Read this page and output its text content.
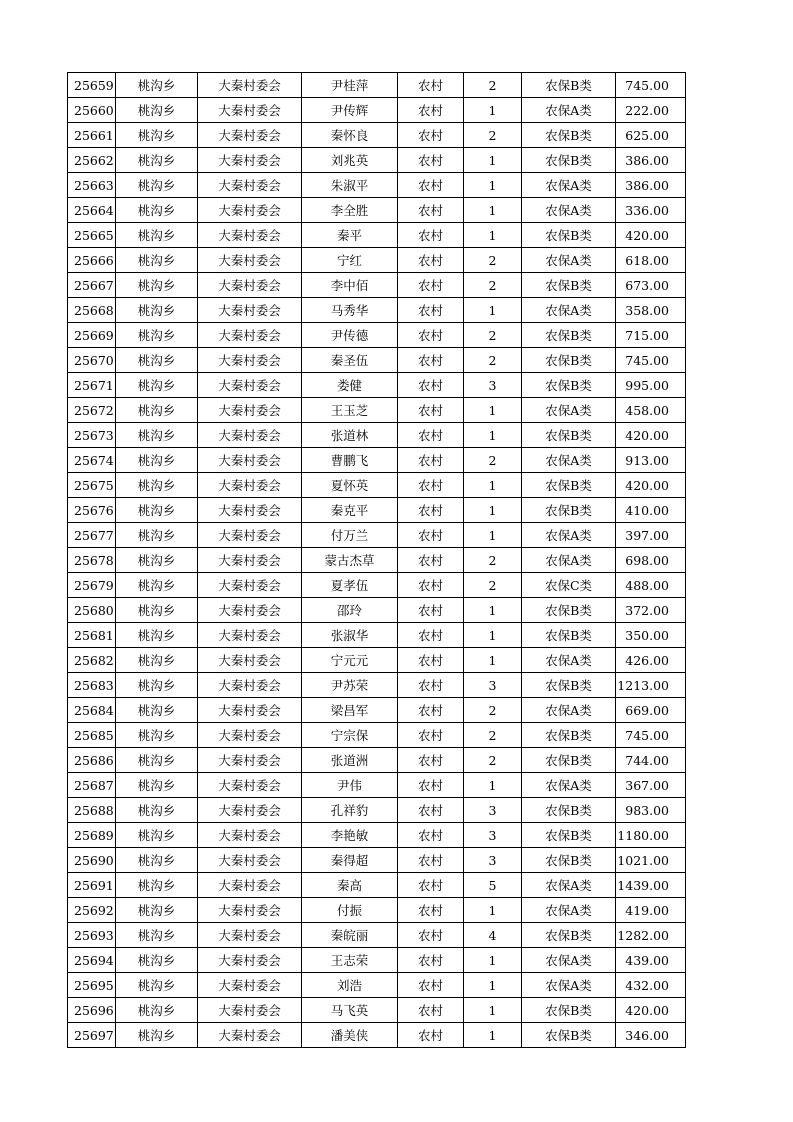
25659	桃沟乡	大秦村委会	尹桂萍	农村	2	农保B类	745.00
25660	桃沟乡	大秦村委会	尹传辉	农村	1	农保A类	222.00
25661	桃沟乡	大秦村委会	秦怀良	农村	2	农保B类	625.00
25662	桃沟乡	大秦村委会	刘兆英	农村	1	农保B类	386.00
25663	桃沟乡	大秦村委会	朱淑平	农村	1	农保A类	386.00
25664	桃沟乡	大秦村委会	李全胜	农村	1	农保A类	336.00
25665	桃沟乡	大秦村委会	秦平	农村	1	农保B类	420.00
25666	桃沟乡	大秦村委会	宁红	农村	2	农保A类	618.00
25667	桃沟乡	大秦村委会	李中佰	农村	2	农保B类	673.00
25668	桃沟乡	大秦村委会	马秀华	农村	1	农保A类	358.00
25669	桃沟乡	大秦村委会	尹传德	农村	2	农保B类	715.00
25670	桃沟乡	大秦村委会	秦圣伍	农村	2	农保B类	745.00
25671	桃沟乡	大秦村委会	娄健	农村	3	农保B类	995.00
25672	桃沟乡	大秦村委会	王玉芝	农村	1	农保A类	458.00
25673	桃沟乡	大秦村委会	张道林	农村	1	农保B类	420.00
25674	桃沟乡	大秦村委会	曹鹏飞	农村	2	农保A类	913.00
25675	桃沟乡	大秦村委会	夏怀英	农村	1	农保B类	420.00
25676	桃沟乡	大秦村委会	秦克平	农村	1	农保B类	410.00
25677	桃沟乡	大秦村委会	付万兰	农村	1	农保A类	397.00
25678	桃沟乡	大秦村委会	蒙古杰草	农村	2	农保A类	698.00
25679	桃沟乡	大秦村委会	夏孝伍	农村	2	农保C类	488.00
25680	桃沟乡	大秦村委会	邵玲	农村	1	农保B类	372.00
25681	桃沟乡	大秦村委会	张淑华	农村	1	农保B类	350.00
25682	桃沟乡	大秦村委会	宁元元	农村	1	农保A类	426.00
25683	桃沟乡	大秦村委会	尹苏荣	农村	3	农保B类	1213.00
25684	桃沟乡	大秦村委会	梁昌军	农村	2	农保A类	669.00
25685	桃沟乡	大秦村委会	宁宗保	农村	2	农保B类	745.00
25686	桃沟乡	大秦村委会	张道洲	农村	2	农保B类	744.00
25687	桃沟乡	大秦村委会	尹伟	农村	1	农保A类	367.00
25688	桃沟乡	大秦村委会	孔祥豹	农村	3	农保B类	983.00
25689	桃沟乡	大秦村委会	李艳敏	农村	3	农保B类	1180.00
25690	桃沟乡	大秦村委会	秦得超	农村	3	农保B类	1021.00
25691	桃沟乡	大秦村委会	秦高	农村	5	农保A类	1439.00
25692	桃沟乡	大秦村委会	付振	农村	1	农保A类	419.00
25693	桃沟乡	大秦村委会	秦皖丽	农村	4	农保B类	1282.00
25694	桃沟乡	大秦村委会	王志荣	农村	1	农保A类	439.00
25695	桃沟乡	大秦村委会	刘浩	农村	1	农保A类	432.00
25696	桃沟乡	大秦村委会	马飞英	农村	1	农保B类	420.00
25697	桃沟乡	大秦村委会	潘美侠	农村	1	农保B类	346.00
